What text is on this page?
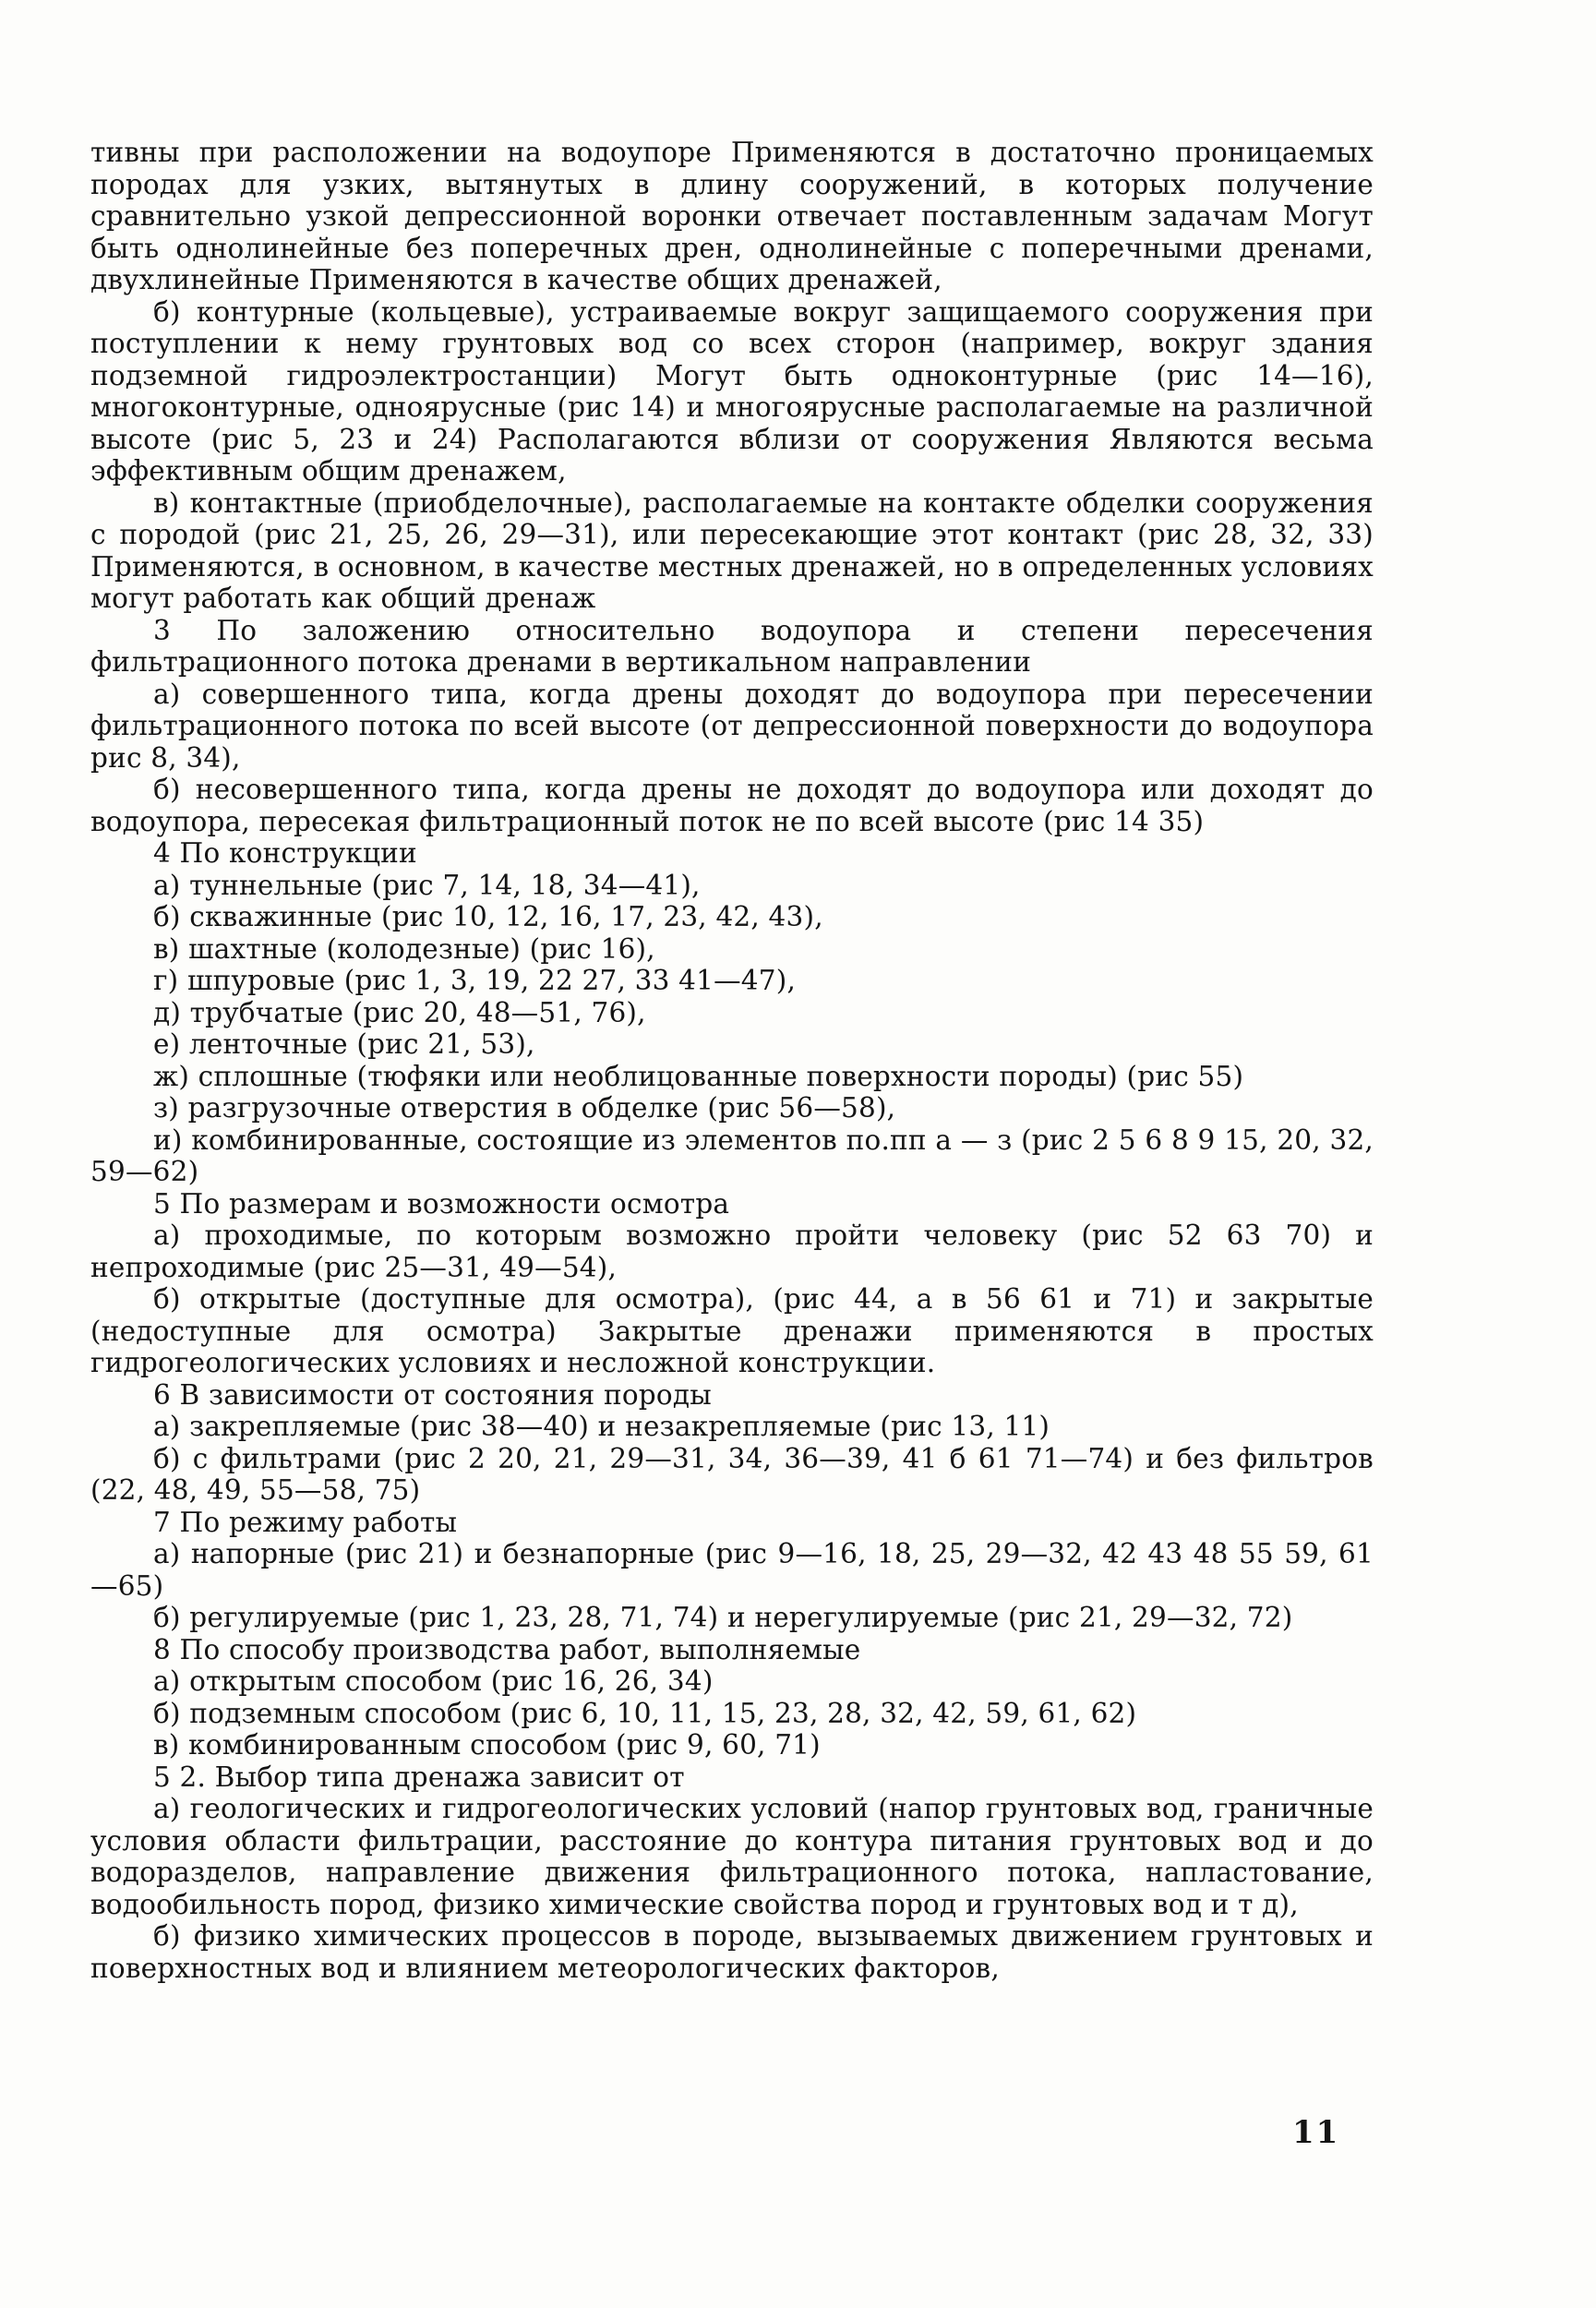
тивны при расположении на водоупоре Применяются в достаточно проницаемых породах для узких, вытянутых в длину сооружений, в которых получение сравнительно узкой депрессионной воронки отвечает поставленным задачам Могут быть однолинейные без поперечных дрен, однолинейные с поперечными дренами, двухлинейные Применяются в качестве общих дренажей,

б) контурные (кольцевые), устраиваемые вокруг защищаемого сооружения при поступлении к нему грунтовых вод со всех сторон (например, вокруг здания подземной гидроэлектростанции) Могут быть одноконтурные (рис 14—16), многоконтурные, одноярусные (рис 14) и многоярусные располагаемые на различной высоте (рис 5, 23 и 24) Располагаются вблизи от сооружения Являются весьма эффективным общим дренажем,

в) контактные (приобделочные), располагаемые на контакте обделки сооружения с породой (рис 21, 25, 26, 29—31), или пересекающие этот контакт (рис 28, 32, 33) Применяются, в основном, в качестве местных дренажей, но в определенных условиях могут работать как общий дренаж

3 По заложению относительно водоупора и степени пересечения фильтрационного потока дренами в вертикальном направлении

а) совершенного типа, когда дрены доходят до водоупора при пересечении фильтрационного потока по всей высоте (от депрессионной поверхности до водоупора рис 8, 34),

б) несовершенного типа, когда дрены не доходят до водоупора или доходят до водоупора, пересекая фильтрационный поток не по всей высоте (рис 14 35)

4 По конструкции

а) туннельные (рис 7, 14, 18, 34—41),

б) скважинные (рис 10, 12, 16, 17, 23, 42, 43),

в) шахтные (колодезные) (рис 16),

г) шпуровые (рис 1, 3, 19, 22 27, 33 41—47),

д) трубчатые (рис 20, 48—51, 76),

е) ленточные (рис 21, 53),

ж) сплошные (тюфяки или необлицованные поверхности породы) (рис 55)

з) разгрузочные отверстия в обделке (рис 56—58),

и) комбинированные, состоящие из элементов по.пп а — з (рис 2 5 6 8 9 15, 20, 32, 59—62)

5 По размерам и возможности осмотра

а) проходимые, по которым возможно пройти человеку (рис 52 63 70) и непроходимые (рис 25—31, 49—54),

б) открытые (доступные для осмотра), (рис 44, а в 56 61 и 71) и закрытые (недоступные для осмотра) Закрытые дренажи применяются в простых гидрогеологических условиях и несложной конструкции.

6 В зависимости от состояния породы

а) закрепляемые (рис 38—40) и незакрепляемые (рис 13, 11)

б) с фильтрами (рис 2 20, 21, 29—31, 34, 36—39, 41 б 61 71—74) и без фильтров (22, 48, 49, 55—58, 75)

7 По режиму работы

а) напорные (рис 21) и безнапорные (рис 9—16, 18, 25, 29—32, 42 43 48 55 59, 61—65)

б) регулируемые (рис 1, 23, 28, 71, 74) и нерегулируемые (рис 21, 29—32, 72)

8 По способу производства работ, выполняемые

а) открытым способом (рис 16, 26, 34)

б) подземным способом (рис 6, 10, 11, 15, 23, 28, 32, 42, 59, 61, 62)

в) комбинированным способом (рис 9, 60, 71)

5 2. Выбор типа дренажа зависит от

а) геологических и гидрогеологических условий (напор грунтовых вод, граничные условия области фильтрации, расстояние до контура питания грунтовых вод и до водоразделов, направление движения фильтрационного потока, напластование, водообильность пород, физико химические свойства пород и грунтовых вод и т д),

б) физико химических процессов в породе, вызываемых движением грунтовых и поверхностных вод и влиянием метеорологических факторов,

11
